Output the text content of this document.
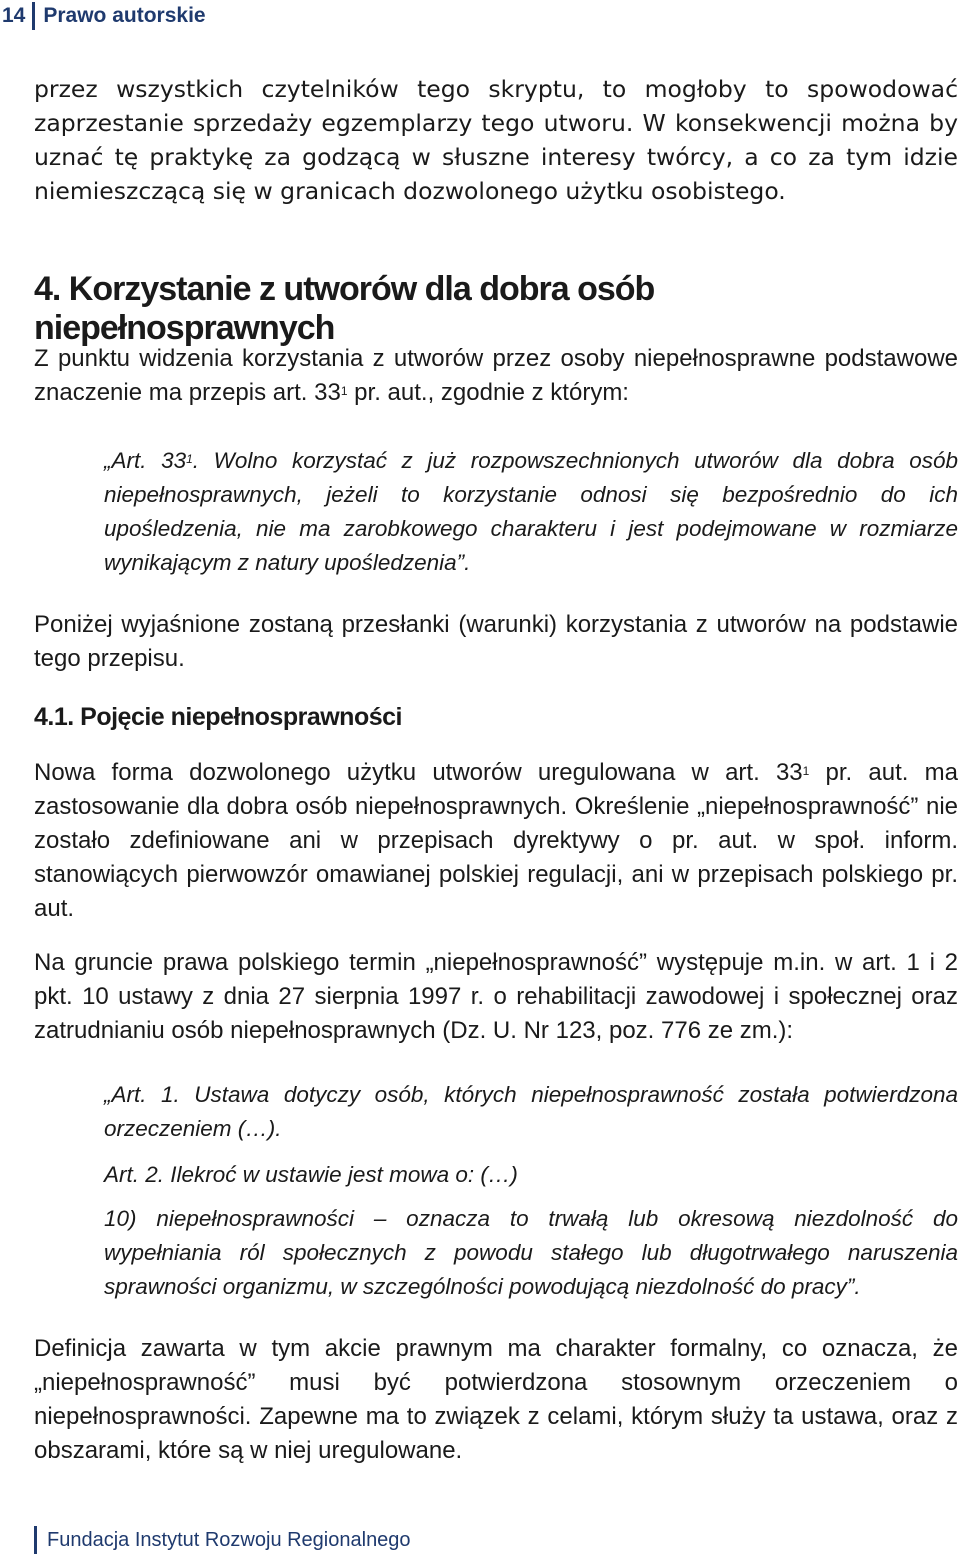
14 Prawo autorskie

przez wszystkich czytelników tego skryptu, to mogłoby to spowodować zaprzestanie sprzedaży egzemplarzy tego utworu. W konsekwencji można by uznać tę praktykę za godzącą w słuszne interesy twórcy, a co za tym idzie niemieszczącą się w granicach dozwolonego użytku osobistego.

4. Korzystanie z utworów dla dobra osób niepełnosprawnych

Z punktu widzenia korzystania z utworów przez osoby niepełnosprawne podstawowe znaczenie ma przepis art. $33^1$ pr. aut., zgodnie z którym:

„Art. $33^1$. Wolno korzystać z już rozpowszechnionych utworów dla dobra osób niepełnosprawnych, jeżeli to korzystanie odnosi się bezpośrednio do ich upośledzenia, nie ma zarobkowego charakteru i jest podejmowane w rozmiarze wynikającym z natury upośledzenia”.

Poniżej wyjaśnione zostaną przesłanki (warunki) korzystania z utworów na podstawie tego przepisu.

4.1. Pojęcie niepełnosprawności

Nowa forma dozwolonego użytku utworów uregulowana w art. $33^1$ pr. aut. ma zastosowanie dla dobra osób niepełnosprawnych. Określenie „niepełnosprawność” nie zostało zdefiniowane ani w przepisach dyrektywy o pr. aut. w społ. inform. stanowiących pierwowzór omawianej polskiej regulacji, ani w przepisach polskiego pr. aut.

Na gruncie prawa polskiego termin „niepełnosprawność” występuje m.in. w art. 1 i 2 pkt. 10 ustawy z dnia 27 sierpnia 1997 r. o rehabilitacji zawodowej i społecznej oraz zatrudnianiu osób niepełnosprawnych (Dz. U. Nr 123, poz. 776 ze zm.):

„Art. 1. Ustawa dotyczy osób, których niepełnosprawność została potwierdzona orzeczeniem (…).

Art. 2. Ilekroć w ustawie jest mowa o: (…)

10) niepełnosprawności – oznacza to trwałą lub okresową niezdolność do wypełniania ról społecznych z powodu stałego lub długotrwałego naruszenia sprawności organizmu, w szczególności powodującą niezdolność do pracy”.

Definicja zawarta w tym akcie prawnym ma charakter formalny, co oznacza, że „niepełnosprawność” musi być potwierdzona stosownym orzeczeniem o niepełnosprawności. Zapewne ma to związek z celami, którym służy ta ustawa, oraz z obszarami, które są w niej uregulowane.

Fundacja Instytut Rozwoju Regionalnego
